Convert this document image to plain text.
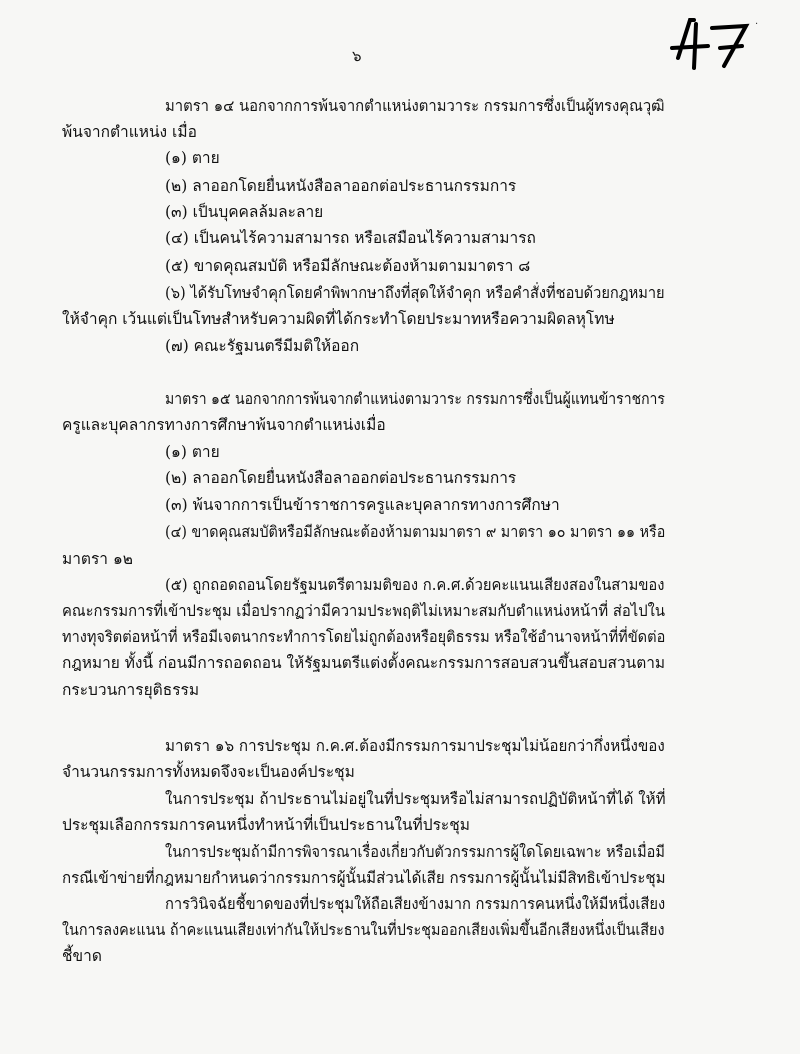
.
47
๖
มาตรา ๑๔ นอกจากการพ้นจากตำแหน่งตามวาระ กรรมการซึ่งเป็นผู้ทรงคุณวุฒิ
พ้นจากตำแหน่ง เมื่อ
(๑) ตาย
(๒) ลาออกโดยยื่นหนังสือลาออกต่อประธานกรรมการ
(๓) เป็นบุคคลล้มละลาย
(๔) เป็นคนไร้ความสามารถ หรือเสมือนไร้ความสามารถ
(๕) ขาดคุณสมบัติ หรือมีลักษณะต้องห้ามตามมาตรา ๘
(๖) ได้รับโทษจำคุกโดยคำพิพากษาถึงที่สุดให้จำคุก หรือคำสั่งที่ชอบด้วยกฎหมาย
ให้จำคุก เว้นแต่เป็นโทษสำหรับความผิดที่ได้กระทำโดยประมาทหรือความผิดลหุโทษ
(๗) คณะรัฐมนตรีมีมติให้ออก
มาตรา ๑๕ นอกจากการพ้นจากตำแหน่งตามวาระ กรรมการซึ่งเป็นผู้แทนข้าราชการ
ครูและบุคลากรทางการศึกษาพ้นจากตำแหน่งเมื่อ
(๑) ตาย
(๒) ลาออกโดยยื่นหนังสือลาออกต่อประธานกรรมการ
(๓) พ้นจากการเป็นข้าราชการครูและบุคลากรทางการศึกษา
(๔) ขาดคุณสมบัติหรือมีลักษณะต้องห้ามตามมาตรา ๙ มาตรา ๑๐ มาตรา ๑๑ หรือ
มาตรา ๑๒
(๕) ถูกถอดถอนโดยรัฐมนตรีตามมติของ ก.ค.ศ.ด้วยคะแนนเสียงสองในสามของ
คณะกรรมการที่เข้าประชุม เมื่อปรากฏว่ามีความประพฤติไม่เหมาะสมกับตำแหน่งหน้าที่ ส่อไปใน
ทางทุจริตต่อหน้าที่ หรือมีเจตนากระทำการโดยไม่ถูกต้องหรือยุติธรรม หรือใช้อำนาจหน้าที่ที่ขัดต่อ
กฎหมาย ทั้งนี้ ก่อนมีการถอดถอน ให้รัฐมนตรีแต่งตั้งคณะกรรมการสอบสวนขึ้นสอบสวนตาม
กระบวนการยุติธรรม
มาตรา ๑๖ การประชุม ก.ค.ศ.ต้องมีกรรมการมาประชุมไม่น้อยกว่ากึ่งหนึ่งของ
จำนวนกรรมการทั้งหมดจึงจะเป็นองค์ประชุม
ในการประชุม ถ้าประธานไม่อยู่ในที่ประชุมหรือไม่สามารถปฏิบัติหน้าที่ได้ ให้ที่
ประชุมเลือกกรรมการคนหนึ่งทำหน้าที่เป็นประธานในที่ประชุม
ในการประชุมถ้ามีการพิจารณาเรื่องเกี่ยวกับตัวกรรมการผู้ใดโดยเฉพาะ หรือเมื่อมี
กรณีเข้าข่ายที่กฎหมายกำหนดว่ากรรมการผู้นั้นมีส่วนได้เสีย กรรมการผู้นั้นไม่มีสิทธิเข้าประชุม
การวินิจฉัยชี้ขาดของที่ประชุมให้ถือเสียงข้างมาก กรรมการคนหนึ่งให้มีหนึ่งเสียง
ในการลงคะแนน ถ้าคะแนนเสียงเท่ากันให้ประธานในที่ประชุมออกเสียงเพิ่มขึ้นอีกเสียงหนึ่งเป็นเสียง
ชี้ขาด
